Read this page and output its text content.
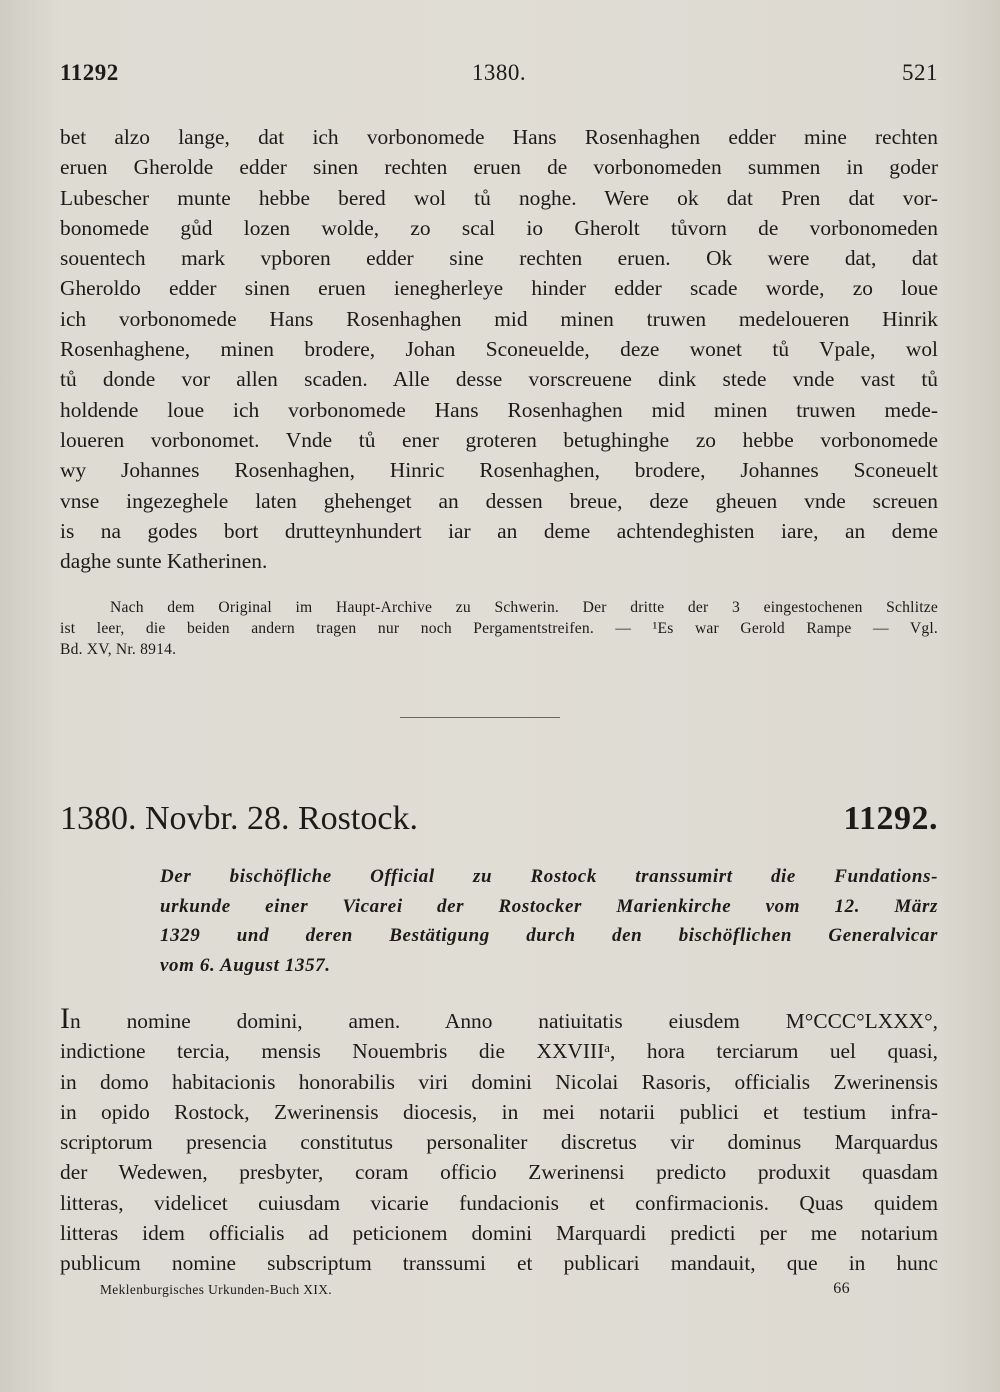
11292	1380.	521
bet alzo lange, dat ich vorbonomede Hans Rosenhaghen edder mine rechten
eruen Gherolde edder sinen rechten eruen de vorbonomeden summen in goder
Lubescher munte hebbe bered wol tů noghe. Were ok dat Pren dat vor-
bonomede gůd lozen wolde, zo scal io Gherolt tůvorn de vorbonomeden
souentech mark vpboren edder sine rechten eruen. Ok were dat, dat
Gheroldo edder sinen eruen ienegherleye hinder edder scade worde, zo loue
ich vorbonomede Hans Rosenhaghen mid minen truwen medeloueren Hinrik
Rosenhaghene, minen brodere, Johan Sconeuelde, deze wonet tů Vpale, wol
tů donde vor allen scaden. Alle desse vorscreuene dink stede vnde vast tů
holdende loue ich vorbonomede Hans Rosenhaghen mid minen truwen mede-
loueren vorbonomet. Vnde tů ener groteren betughinghe zo hebbe vorbonomede
wy Johannes Rosenhaghen, Hinric Rosenhaghen, brodere, Johannes Sconeuelt
vnse ingezeghele laten ghehenget an dessen breue, deze gheuen vnde screuen
is na godes bort drutteynhundert iar an deme achtendeghisten iare, an deme
daghe sunte Katherinen.
Nach dem Original im Haupt-Archive zu Schwerin. Der dritte der 3 eingestochenen Schlitze
ist leer, die beiden andern tragen nur noch Pergamentstreifen. — ¹Es war Gerold Rampe — Vgl.
Bd. XV, Nr. 8914.
1380. Novbr. 28. Rostock.	11292.
Der bischöfliche Official zu Rostock transsumirt die Fundations-
urkunde einer Vicarei der Rostocker Marienkirche vom 12. März
1329 und deren Bestätigung durch den bischöflichen Generalvicar
vom 6. August 1357.
In nomine domini, amen. Anno natiuitatis eiusdem M°CCC°LXXX°,
indictione tercia, mensis Nouembris die XXVIIIᵃ, hora terciarum uel quasi,
in domo habitacionis honorabilis viri domini Nicolai Rasoris, officialis Zwerinensis
in opido Rostock, Zwerinensis diocesis, in mei notarii publici et testium infra-
scriptorum presencia constitutus personaliter discretus vir dominus Marquardus
der Wedewen, presbyter, coram officio Zwerinensi predicto produxit quasdam
litteras, videlicet cuiusdam vicarie fundacionis et confirmacionis. Quas quidem
litteras idem officialis ad peticionem domini Marquardi predicti per me notarium
publicum nomine subscriptum transsumi et publicari mandauit, que in hunc
Meklenburgisches Urkunden-Buch XIX.	66
